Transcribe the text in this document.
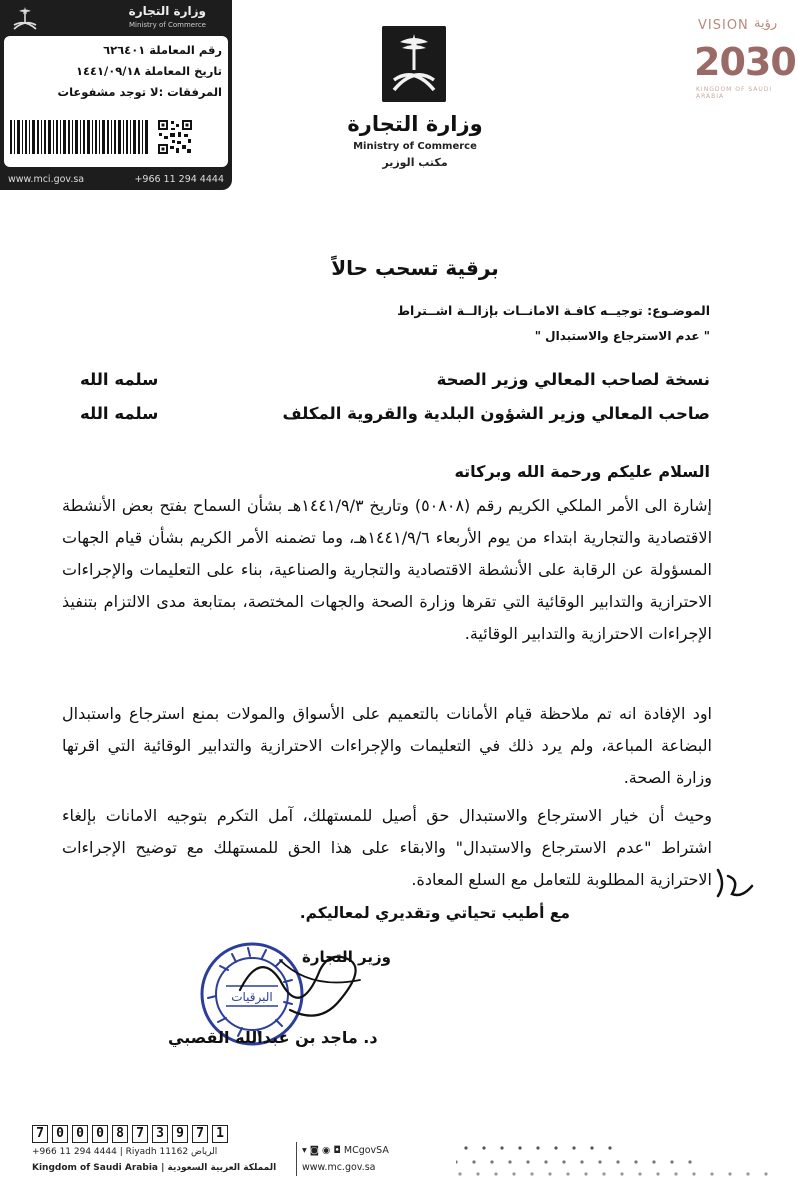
وزارة التجارة
Ministry of Commerce
رقم المعاملة ٦٢٦٤٠١
تاريخ المعاملة ١٤٤١/٠٩/١٨
المرفقات :لا توجد مشفوعات
www.mci.gov.sa	+966 11 294 4444
وزارة التجارة
Ministry of Commerce
مكتب الوزير
VISION رؤية
2030
KINGDOM OF SAUDI ARABIA
برقية تسحب حالاً
الموضـوع: توجيــه كافـة الامانــات بإزالــة اشــتراط
" عدم الاسترجاع والاستبدال "
نسخة لصاحب المعالي وزير الصحة
سلمه الله
صاحب المعالي وزير الشؤون البلدية والقروية المكلف
سلمه الله
السلام عليكم ورحمة الله وبركاته
إشارة الى الأمر الملكي الكريم رقم (٥٠٨٠٨) وتاريخ ١٤٤١/٩/٣هـ بشأن السماح بفتح بعض الأنشطة الاقتصادية والتجارية ابتداء من يوم الأربعاء ١٤٤١/٩/٦هـ، وما تضمنه الأمر الكريم بشأن قيام الجهات المسؤولة عن الرقابة على الأنشطة الاقتصادية والتجارية والصناعية، بناء على التعليمات والإجراءات الاحترازية والتدابير الوقائية التي تقرها وزارة الصحة والجهات المختصة، بمتابعة مدى الالتزام بتنفيذ الإجراءات الاحترازية والتدابير الوقائية.
اود الإفادة انه تم ملاحظة قيام الأمانات بالتعميم على الأسواق والمولات بمنع استرجاع واستبدال البضاعة المباعة، ولم يرد ذلك في التعليمات والإجراءات الاحترازية والتدابير الوقائية التي اقرتها وزارة الصحة.
وحيث أن خيار الاسترجاع والاستبدال حق أصيل للمستهلك، آمل التكرم بتوجيه الامانات بإلغاء اشتراط "عدم الاسترجاع والاستبدال" والابقاء على هذا الحق للمستهلك مع توضيح الإجراءات الاحترازية المطلوبة للتعامل مع السلع المعادة.
مع أطيب تحياتي وتقديري لمعاليكم.
البرقيات
وزير التجارة
د. ماجد بن عبدالله القصبي
7 0 0 0 8 7 3 9 7 1
+966 11 294 4444 | Riyadh 11162 الرياض
Kingdom of Saudi Arabia | المملكة العربية السعودية
▾ ◙ ◉ ◘ MCgovSA
www.mc.gov.sa
